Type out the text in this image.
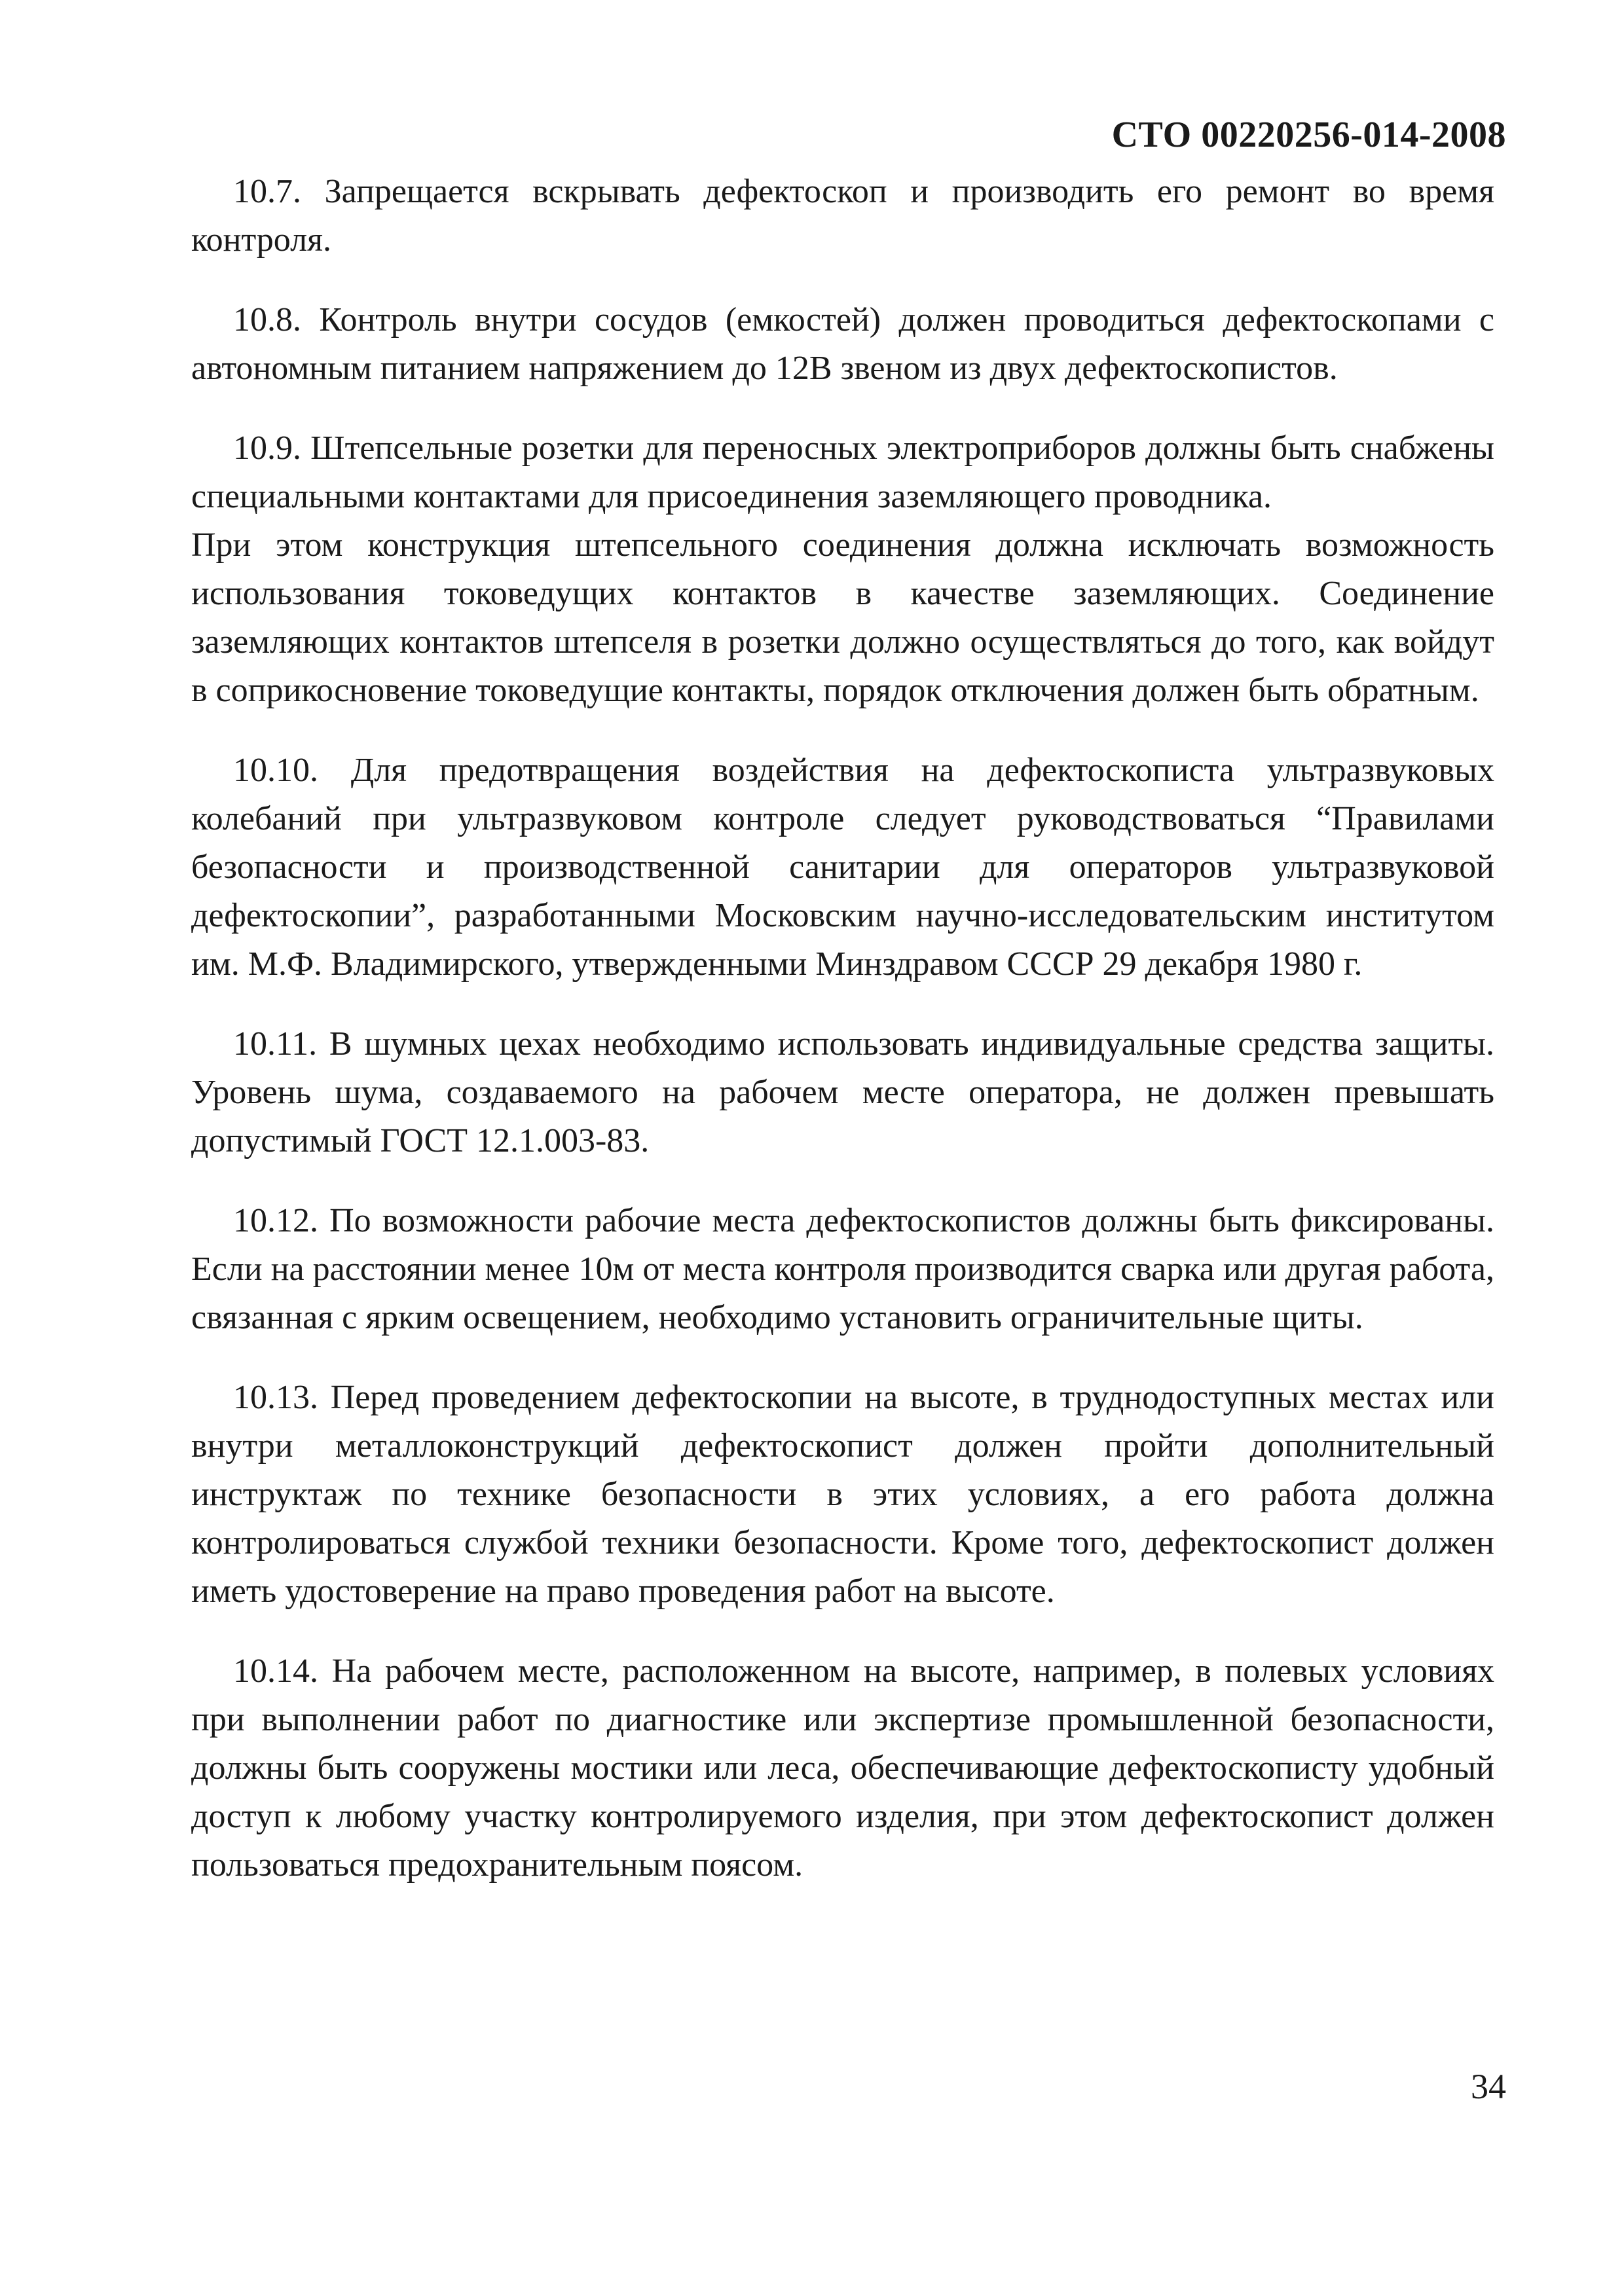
СТО 00220256-014-2008

10.7. Запрещается вскрывать дефектоскоп и производить его ремонт во время контроля.

10.8. Контроль внутри сосудов (емкостей) должен проводиться дефектоскопами с автономным питанием напряжением до 12В звеном из двух дефектоскопистов.

10.9. Штепсельные розетки для переносных электроприборов должны быть снабжены специальными контактами для присоединения заземляющего проводника.

При этом конструкция штепсельного соединения должна исключать возможность использования токоведущих контактов в качестве заземляющих. Соединение заземляющих контактов штепселя в розетки должно осуществляться до того, как войдут в соприкосновение токоведущие контакты, порядок отключения должен быть обратным.

10.10. Для предотвращения воздействия на дефектоскописта ультразвуковых колебаний при ультразвуковом контроле следует руководствоваться “Правилами безопасности и производственной санитарии для операторов ультразвуковой дефектоскопии”, разработанными Московским научно-исследовательским институтом им. М.Ф. Владимирского, утвержденными Минздравом СССР 29 декабря 1980 г.

10.11. В шумных цехах необходимо использовать индивидуальные средства защиты. Уровень шума, создаваемого на рабочем месте оператора, не должен превышать допустимый ГОСТ 12.1.003-83.

10.12. По возможности рабочие места дефектоскопистов должны быть фиксированы. Если на расстоянии менее 10м от места контроля производится сварка или другая работа, связанная с ярким освещением, необходимо установить ограничительные щиты.

10.13. Перед проведением дефектоскопии на высоте, в труднодоступных местах или внутри металлоконструкций дефектоскопист должен пройти дополнительный инструктаж по технике безопасности в этих условиях, а его работа должна контролироваться службой техники безопасности. Кроме того, дефектоскопист должен иметь удостоверение на право проведения работ на высоте.

10.14. На рабочем месте, расположенном на высоте, например, в полевых условиях при выполнении работ по диагностике или экспертизе промышленной безопасности, должны быть сооружены мостики или леса, обеспечивающие дефектоскописту удобный доступ к любому участку контролируемого изделия, при этом дефектоскопист должен пользоваться предохранительным поясом.

34
